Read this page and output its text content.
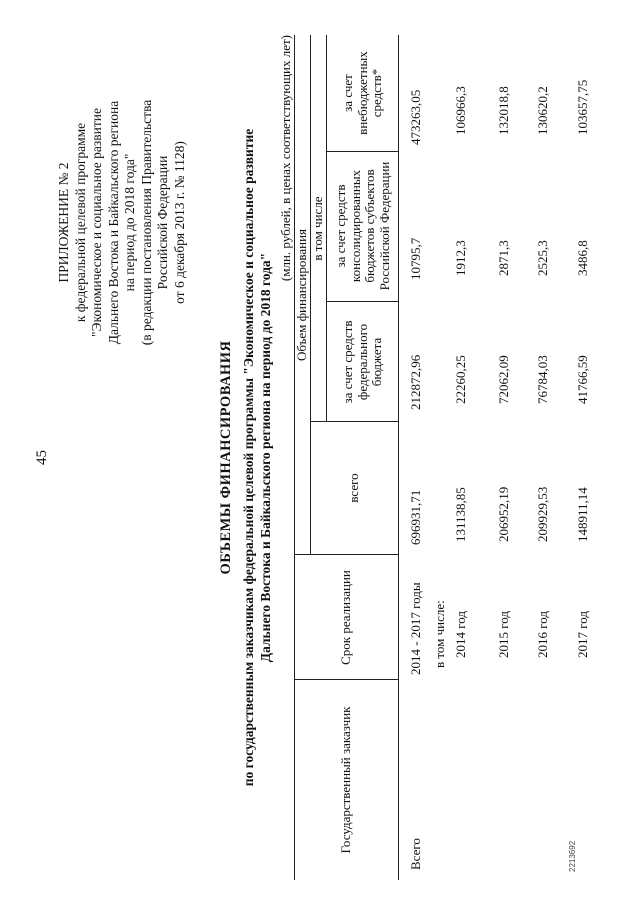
45
ПРИЛОЖЕНИЕ № 2 к федеральной целевой программе "Экономическое и социальное развитие Дальнего Востока и Байкальского региона на период до 2018 года" (в редакции постановления Правительства Российской Федерации от 6 декабря 2013 г. № 1128)
ОБЪЕМЫ ФИНАНСИРОВАНИЯ по государственным заказчикам федеральной целевой программы "Экономическое и социальное развитие Дальнего Востока и Байкальского региона на период до 2018 года"
(млн. рублей, в ценах соответствующих лет)
Государственный заказчик
Срок реализации
Объем финансирования
всего
в том числе
за счет средств федерального бюджета
за счет средств консолидированных бюджетов субъектов Российской Федерации
за счет внебюджетных средств*
Всего
2014 - 2017 годы
696931,71
212872,96
10795,7
473263,05
в том числе: 2014 год
131138,85
22260,25
1912,3
106966,3
2015 год
206952,19
72062,09
2871,3
132018,8
2016 год
209929,53
76784,03
2525,3
130620,2
2017 год
148911,14
41766,59
3486,8
103657,75
2213692
